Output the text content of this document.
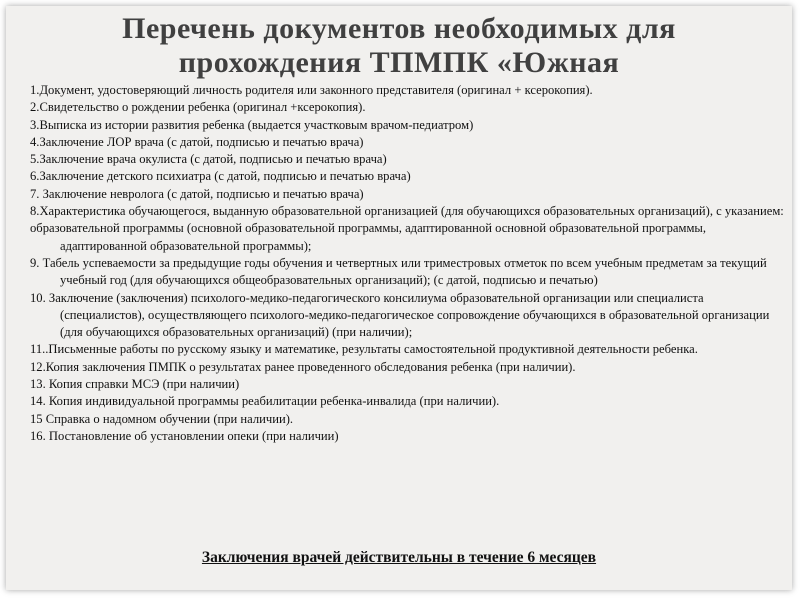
Перечень документов необходимых для
прохождения ТПМПК «Южная
1.Документ, удостоверяющий личность родителя или законного представителя (оригинал + ксерокопия).
2.Свидетельство о рождении ребенка (оригинал +ксерокопия).
3.Выписка из истории развития ребенка (выдается участковым врачом-педиатром)
4.Заключение ЛОР врача (с датой, подписью и печатью врача)
5.Заключение врача окулиста (с датой, подписью и печатью врача)
6.Заключение детского психиатра (с датой, подписью и печатью врача)
7. Заключение невролога (с датой, подписью и печатью врача)
8.Характеристика обучающегося, выданную образовательной организацией (для обучающихся образовательных организаций), с указанием:
образовательной программы (основной образовательной программы, адаптированной основной образовательной программы, адаптированной образовательной программы);
9. Табель успеваемости за предыдущие годы обучения и четвертных или триместровых отметок по всем учебным предметам за текущий учебный год (для обучающихся общеобразовательных организаций); (с датой, подписью и печатью)
10. Заключение (заключения) психолого-медико-педагогического консилиума образовательной организации или специалиста (специалистов), осуществляющего психолого-медико-педагогическое сопровождение обучающихся в образовательной организации (для обучающихся образовательных организаций) (при наличии);
11..Письменные работы по русскому языку и математике, результаты самостоятельной продуктивной деятельности ребенка.
12.Копия заключения ПМПК о результатах ранее проведенного обследования ребенка (при наличии).
13. Копия справки МСЭ (при наличии)
14. Копия индивидуальной программы реабилитации ребенка-инвалида (при наличии).
15 Справка о надомном обучении (при наличии).
16. Постановление об установлении опеки (при наличии)
Заключения врачей действительны в течение 6 месяцев
